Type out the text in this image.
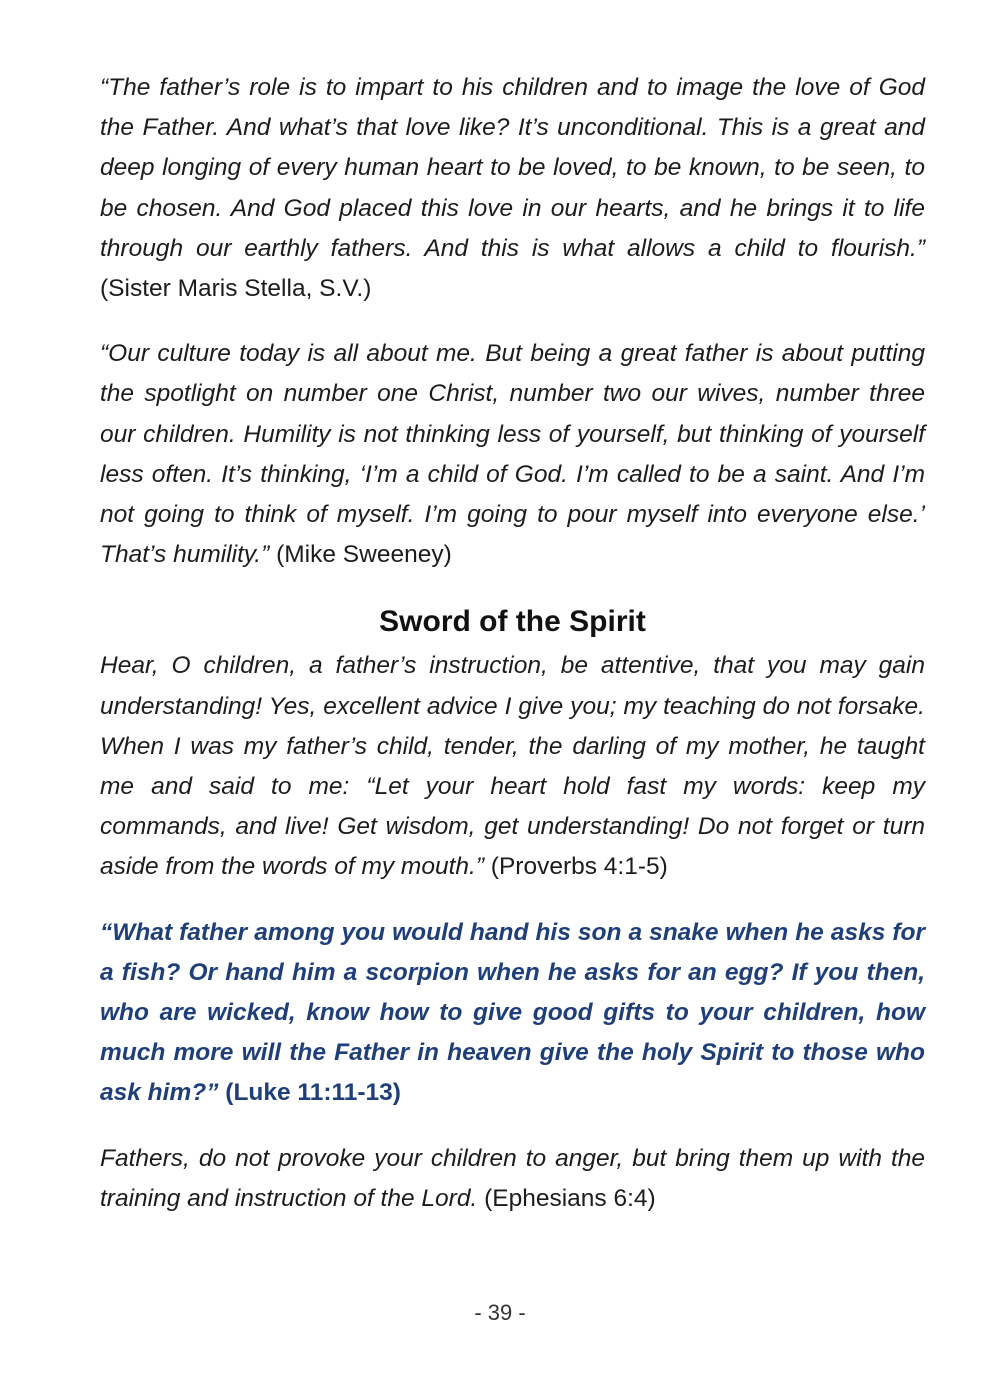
“The father’s role is to impart to his children and to image the love of God the Father. And what’s that love like? It’s unconditional. This is a great and deep longing of every human heart to be loved, to be known, to be seen, to be chosen. And God placed this love in our hearts, and he brings it to life through our earthly fathers. And this is what allows a child to flourish.” (Sister Maris Stella, S.V.)

“Our culture today is all about me. But being a great father is about putting the spotlight on number one Christ, number two our wives, number three our children. Humility is not thinking less of yourself, but thinking of yourself less often. It’s thinking, ‘I’m a child of God. I’m called to be a saint. And I’m not going to think of myself. I’m going to pour myself into everyone else.’ That’s humility.” (Mike Sweeney)

Sword of the Spirit

Hear, O children, a father’s instruction, be attentive, that you may gain understanding! Yes, excellent advice I give you; my teaching do not forsake. When I was my father’s child, tender, the darling of my mother, he taught me and said to me: “Let your heart hold fast my words: keep my commands, and live! Get wisdom, get understanding! Do not forget or turn aside from the words of my mouth.” (Proverbs 4:1-5)

“What father among you would hand his son a snake when he asks for a fish? Or hand him a scorpion when he asks for an egg? If you then, who are wicked, know how to give good gifts to your children, how much more will the Father in heaven give the holy Spirit to those who ask him?” (Luke 11:11-13)

Fathers, do not provoke your children to anger, but bring them up with the training and instruction of the Lord. (Ephesians 6:4)

- 39 -
